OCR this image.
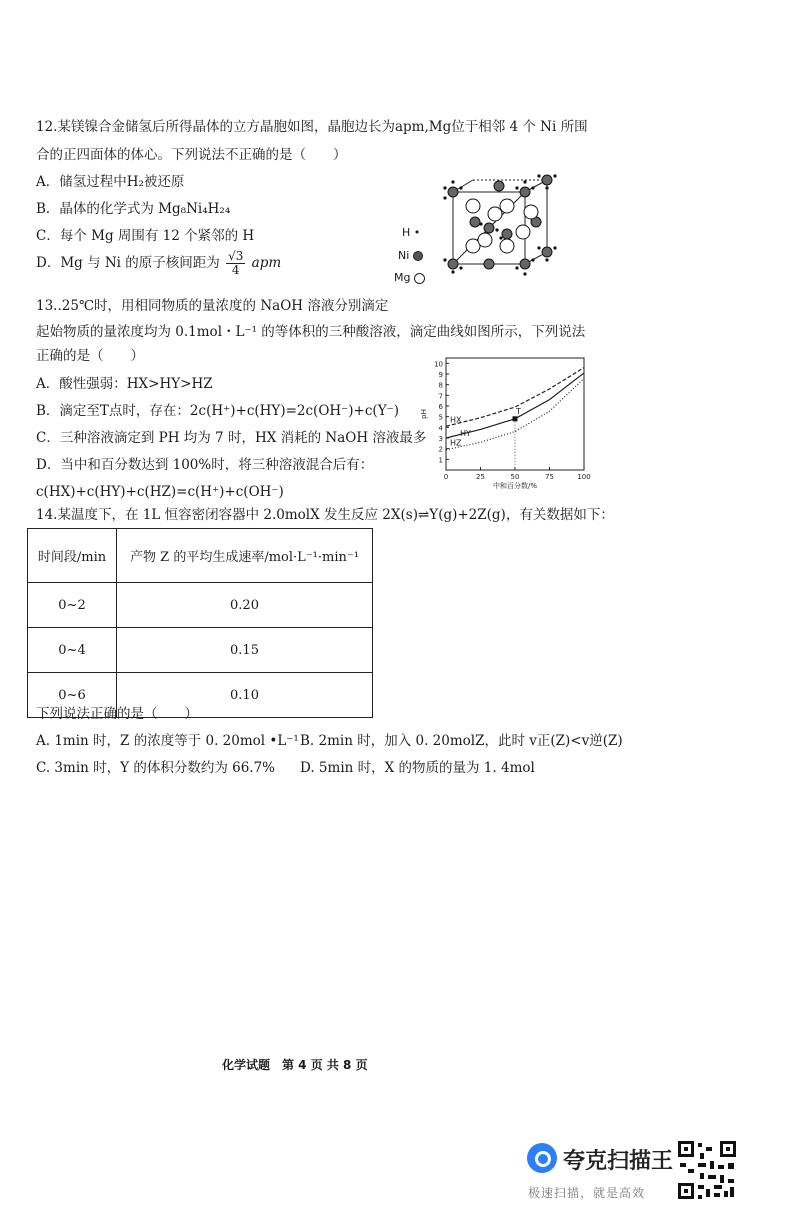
12.某镁镍合金储氢后所得晶体的立方晶胞如图，晶胞边长为apm,Mg位于相邻 4 个 Ni 所围
合的正四面体的体心。下列说法不正确的是（　　）
A．储氢过程中H₂被还原
B．晶体的化学式为 Mg₈Ni₄H₂₄
C．每个 Mg 周围有 12 个紧邻的 H
D．Mg 与 Ni 的原子核间距为 $\frac{√3}{4}$ apm
H •
Ni
Mg
13..25℃时，用相同物质的量浓度的 NaOH 溶液分别滴定
起始物质的量浓度均为 0.1mol・L⁻¹ 的等体积的三种酸溶液，滴定曲线如图所示，下列说法
正确的是（　　）
A．酸性强弱：HX>HY>HZ
B．滴定至T点时，存在：2c(H⁺)+c(HY)=2c(OH⁻)+c(Y⁻)
C．三种溶液滴定到 PH 均为 7 时，HX 消耗的 NaOH 溶液最多
D．当中和百分数达到 100%时，将三种溶液混合后有：
c(HX)+c(HY)+c(HZ)=c(H⁺)+c(OH⁻)
1
2
3
4
5
6
7
8
9
10
0	25	50	75	100
中和百分数/%
pH
HX
HY
HZ
T
14.某温度下，在 1L 恒容密闭容器中 2.0molX 发生反应 2X(s)⇌Y(g)+2Z(g)，有关数据如下：
时间段/min	产物 Z 的平均生成速率/mol·L⁻¹·min⁻¹
0~2	0.20
0~4	0.15
0~6	0.10
下列说法正确的是（　　）
A. 1min 时，Z 的浓度等于 0. 20mol •L⁻¹ B. 2min 时，加入 0. 20molZ，此时 v正(Z)<v逆(Z)
C. 3min 时，Y 的体积分数约为 66.7% D. 5min 时，X 的物质的量为 1. 4mol
化学试题　第 4 页 共 8 页
夸克扫描王
极速扫描，就是高效
